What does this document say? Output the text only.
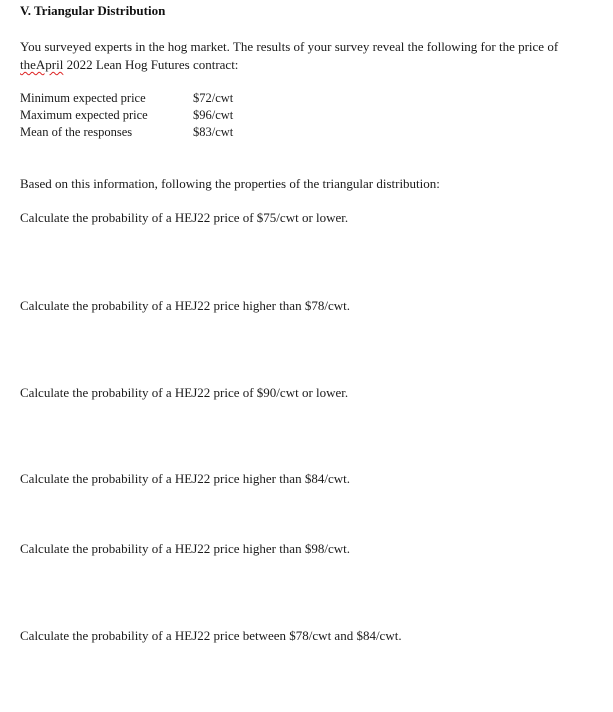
V. Triangular Distribution
You surveyed experts in the hog market. The results of your survey reveal the following for the price of
theApril 2022 Lean Hog Futures contract:
Minimum expected price	$72/cwt
Maximum expected price	$96/cwt
Mean of the responses	$83/cwt
Based on this information, following the properties of the triangular distribution:
Calculate the probability of a HEJ22 price of $75/cwt or lower.
Calculate the probability of a HEJ22 price higher than $78/cwt.
Calculate the probability of a HEJ22 price of $90/cwt or lower.
Calculate the probability of a HEJ22 price higher than $84/cwt.
Calculate the probability of a HEJ22 price higher than $98/cwt.
Calculate the probability of a HEJ22 price between $78/cwt and $84/cwt.
